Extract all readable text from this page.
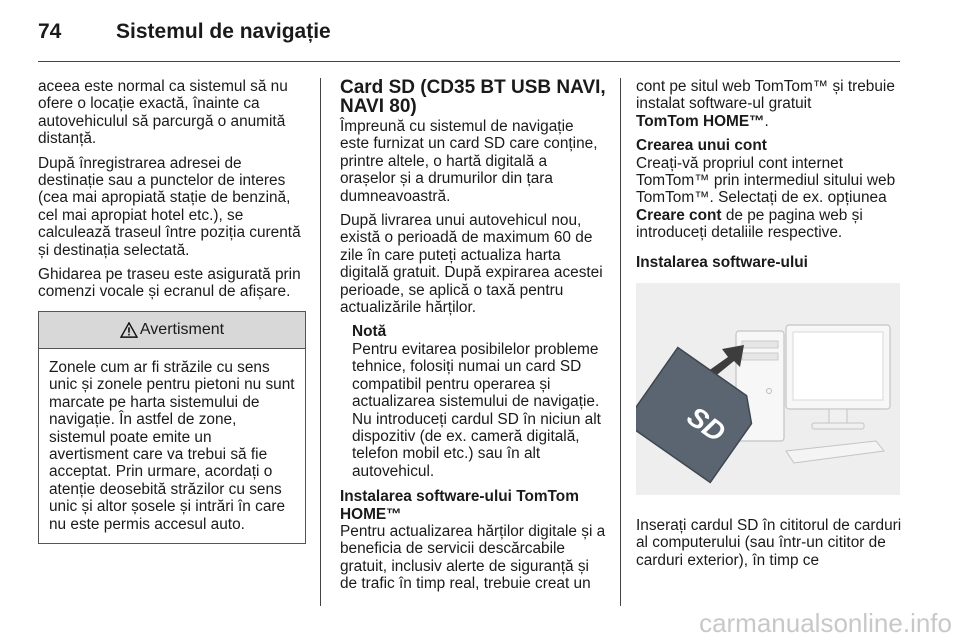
74	Sistemul de navigație

aceea este normal ca sistemul să nu ofere o locație exactă, înainte ca autovehiculul să parcurgă o anumită distanță.

După înregistrarea adresei de destinație sau a punctelor de interes (cea mai apropiată stație de benzină, cel mai apropiat hotel etc.), se calculează traseul între poziția curentă și destinația selectată.

Ghidarea pe traseu este asigurată prin comenzi vocale și ecranul de afișare.

Avertisment
Zonele cum ar fi străzile cu sens unic și zonele pentru pietoni nu sunt marcate pe harta sistemului de navigație. În astfel de zone, sistemul poate emite un avertisment care va trebui să fie acceptat. Prin urmare, acordați o atenție deosebită străzilor cu sens unic și altor șosele și intrări în care nu este permis accesul auto.
Card SD (CD35 BT USB NAVI, NAVI 80)

Împreună cu sistemul de navigație este furnizat un card SD care conține, printre altele, o hartă digitală a orașelor și a drumurilor din țara dumneavoastră.

După livrarea unui autovehicul nou, există o perioadă de maximum 60 de zile în care puteți actualiza harta digitală gratuit. După expirarea acestei perioade, se aplică o taxă pentru actualizările hărților.

Notă
Pentru evitarea posibilelor probleme tehnice, folosiți numai un card SD compatibil pentru operarea și actualizarea sistemului de navigație. Nu introduceți cardul SD în niciun alt dispozitiv (de ex. cameră digitală, telefon mobil etc.) sau în alt autovehicul.
Instalarea software-ului TomTom HOME™

Pentru actualizarea hărților digitale și a beneficia de servicii descărcabile gratuit, inclusiv alerte de siguranță și de trafic în timp real, trebuie creat un

cont pe situl web TomTom™ și trebuie instalat software-ul gratuit
TomTom HOME™.

Crearea unui cont

Creați-vă propriul cont internet TomTom™ prin intermediul sitului web TomTom™. Selectați de ex. opțiunea Creare cont de pe pagina web și introduceți detaliile respective.

Instalarea software-ului
SD

Inserați cardul SD în cititorul de carduri al computerului (sau într-un cititor de carduri exterior), în timp ce

carmanualsonline.info
